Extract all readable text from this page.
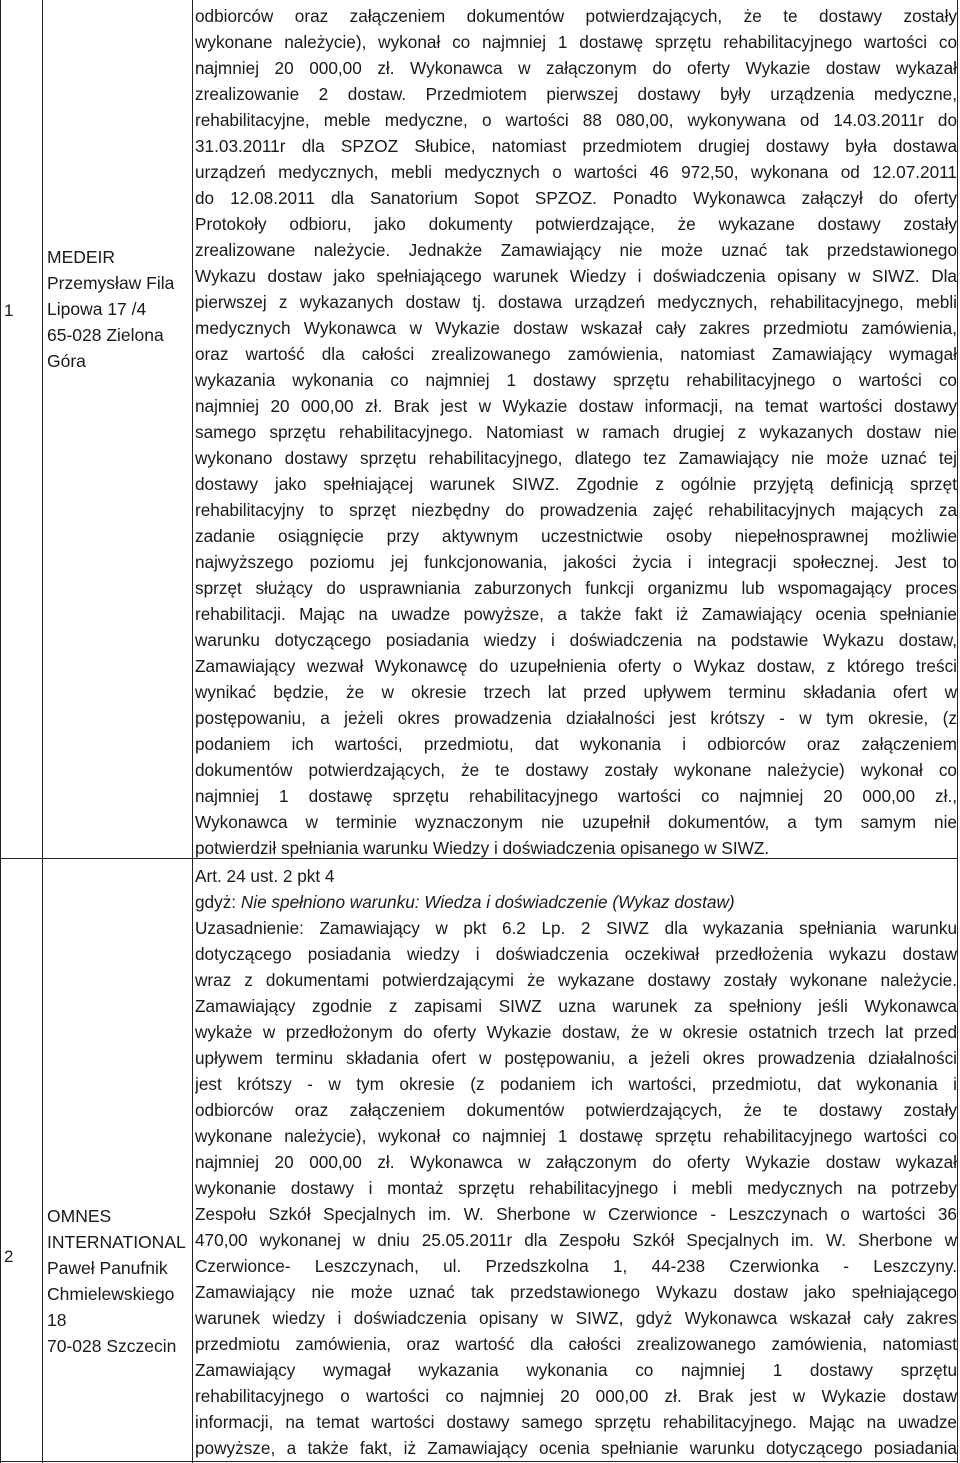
1
MEDEIR
Przemysław Fila
Lipowa 17 /4
65-028 Zielona
Góra
odbiorców oraz załączeniem dokumentów potwierdzających, że te dostawy zostały
wykonane należycie), wykonał co najmniej 1 dostawę sprzętu rehabilitacyjnego wartości co
najmniej 20 000,00 zł. Wykonawca w załączonym do oferty Wykazie dostaw wykazał
zrealizowanie 2 dostaw. Przedmiotem pierwszej dostawy były urządzenia medyczne,
rehabilitacyjne, meble medyczne, o wartości 88 080,00, wykonywana od 14.03.2011r do
31.03.2011r dla SPZOZ Słubice, natomiast przedmiotem drugiej dostawy była dostawa
urządzeń medycznych, mebli medycznych o wartości 46 972,50, wykonana od 12.07.2011
do 12.08.2011 dla Sanatorium Sopot SPZOZ. Ponadto Wykonawca załączył do oferty
Protokoły odbioru, jako dokumenty potwierdzające, że wykazane dostawy zostały
zrealizowane należycie. Jednakże Zamawiający nie może uznać tak przedstawionego
Wykazu dostaw jako spełniającego warunek Wiedzy i doświadczenia opisany w SIWZ. Dla
pierwszej z wykazanych dostaw tj. dostawa urządzeń medycznych, rehabilitacyjnego, mebli
medycznych Wykonawca w Wykazie dostaw wskazał cały zakres przedmiotu zamówienia,
oraz wartość dla całości zrealizowanego zamówienia, natomiast Zamawiający wymagał
wykazania wykonania co najmniej 1 dostawy sprzętu rehabilitacyjnego o wartości co
najmniej 20 000,00 zł. Brak jest w Wykazie dostaw informacji, na temat wartości dostawy
samego sprzętu rehabilitacyjnego. Natomiast w ramach drugiej z wykazanych dostaw nie
wykonano dostawy sprzętu rehabilitacyjnego, dlatego tez Zamawiający nie może uznać tej
dostawy jako spełniającej warunek SIWZ. Zgodnie z ogólnie przyjętą definicją sprzęt
rehabilitacyjny to sprzęt niezbędny do prowadzenia zajęć rehabilitacyjnych mających za
zadanie osiągnięcie przy aktywnym uczestnictwie osoby niepełnosprawnej możliwie
najwyższego poziomu jej funkcjonowania, jakości życia i integracji społecznej. Jest to
sprzęt służący do usprawniania zaburzonych funkcji organizmu lub wspomagający proces
rehabilitacji. Mając na uwadze powyższe, a także fakt iż Zamawiający ocenia spełnianie
warunku dotyczącego posiadania wiedzy i doświadczenia na podstawie Wykazu dostaw,
Zamawiający wezwał Wykonawcę do uzupełnienia oferty o Wykaz dostaw, z którego treści
wynikać będzie, że w okresie trzech lat przed upływem terminu składania ofert w
postępowaniu, a jeżeli okres prowadzenia działalności jest krótszy - w tym okresie, (z
podaniem ich wartości, przedmiotu, dat wykonania i odbiorców oraz załączeniem
dokumentów potwierdzających, że te dostawy zostały wykonane należycie) wykonał co
najmniej 1 dostawę sprzętu rehabilitacyjnego wartości co najmniej 20 000,00 zł.,
Wykonawca w terminie wyznaczonym nie uzupełnił dokumentów, a tym samym nie
potwierdził spełniania warunku Wiedzy i doświadczenia opisanego w SIWZ.
2
OMNES
INTERNATIONAL
Paweł Panufnik
Chmielewskiego
18
70-028 Szczecin
Art. 24 ust. 2 pkt 4
gdyż: Nie spełniono warunku: Wiedza i doświadczenie (Wykaz dostaw)
Uzasadnienie: Zamawiający w pkt 6.2 Lp. 2 SIWZ dla wykazania spełniania warunku
dotyczącego posiadania wiedzy i doświadczenia oczekiwał przedłożenia wykazu dostaw
wraz z dokumentami potwierdzającymi że wykazane dostawy zostały wykonane należycie.
Zamawiający zgodnie z zapisami SIWZ uzna warunek za spełniony jeśli Wykonawca
wykaże w przedłożonym do oferty Wykazie dostaw, że w okresie ostatnich trzech lat przed
upływem terminu składania ofert w postępowaniu, a jeżeli okres prowadzenia działalności
jest krótszy - w tym okresie (z podaniem ich wartości, przedmiotu, dat wykonania i
odbiorców oraz załączeniem dokumentów potwierdzających, że te dostawy zostały
wykonane należycie), wykonał co najmniej 1 dostawę sprzętu rehabilitacyjnego wartości co
najmniej 20 000,00 zł. Wykonawca w załączonym do oferty Wykazie dostaw wykazał
wykonanie dostawy i montaż sprzętu rehabilitacyjnego i mebli medycznych na potrzeby
Zespołu Szkół Specjalnych im. W. Sherbone w Czerwionce - Leszczynach o wartości 36
470,00 wykonanej w dniu 25.05.2011r dla Zespołu Szkół Specjalnych im. W. Sherbone w
Czerwionce- Leszczynach, ul. Przedszkolna 1, 44-238 Czerwionka - Leszczyny.
Zamawiający nie może uznać tak przedstawionego Wykazu dostaw jako spełniającego
warunek wiedzy i doświadczenia opisany w SIWZ, gdyż Wykonawca wskazał cały zakres
przedmiotu zamówienia, oraz wartość dla całości zrealizowanego zamówienia, natomiast
Zamawiający wymagał wykazania wykonania co najmniej 1 dostawy sprzętu
rehabilitacyjnego o wartości co najmniej 20 000,00 zł. Brak jest w Wykazie dostaw
informacji, na temat wartości dostawy samego sprzętu rehabilitacyjnego. Mając na uwadze
powyższe, a także fakt, iż Zamawiający ocenia spełnianie warunku dotyczącego posiadania
